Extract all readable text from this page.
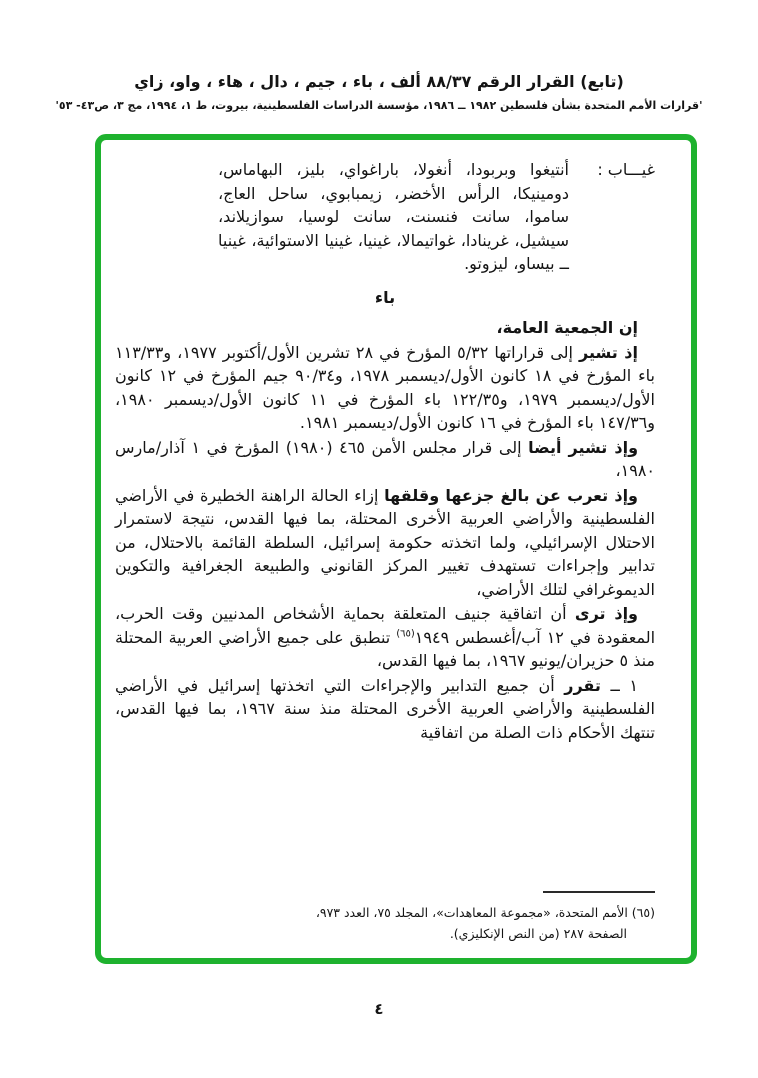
(تابع) القرار الرقم ٨٨/٣٧ ألف ، باء ، جيم ، دال ، هاء ، واو، زاي
'قرارات الأمم المتحدة بشأن فلسطين ١٩٨٢ ــ ١٩٨٦، مؤسسة الدراسات الفلسطينية، بيروت، ط ١، ١٩٩٤، مج ٣، ص٤٣- ٥٣'
غيـــاب :
أنتيغوا وبربودا، أنغولا، باراغواي، بليز، البهاماس، دومينيكا، الرأس الأخضر، زيمبابوي، ساحل العاج، ساموا، سانت فنسنت، سانت لوسيا، سوازيلاند، سيشيل، غرينادا، غواتيمالا، غينيا، غينيا الاستوائية، غينيا ــ بيساو، ليزوتو.
باء

إن الجمعية العامة،

إذ تشير إلى قراراتها ٥/٣٢ المؤرخ في ٢٨ تشرين الأول/أكتوبر ١٩٧٧، و١١٣/٣٣ باء المؤرخ في ١٨ كانون الأول/ديسمبر ١٩٧٨، و٩٠/٣٤ جيم المؤرخ في ١٢ كانون الأول/ديسمبر ١٩٧٩، و١٢٢/٣٥ باء المؤرخ في ١١ كانون الأول/ديسمبر ١٩٨٠، و١٤٧/٣٦ باء المؤرخ في ١٦ كانون الأول/ديسمبر ١٩٨١.

وإذ تشير أيضا إلى قرار مجلس الأمن ٤٦٥ (١٩٨٠) المؤرخ في ١ آذار/مارس ١٩٨٠،

وإذ تعرب عن بالغ جزعها وقلقها إزاء الحالة الراهنة الخطيرة في الأراضي الفلسطينية والأراضي العربية الأخرى المحتلة، بما فيها القدس، نتيجة لاستمرار الاحتلال الإسرائيلي، ولما اتخذته حكومة إسرائيل، السلطة القائمة بالاحتلال، من تدابير وإجراءات تستهدف تغيير المركز القانوني والطبيعة الجغرافية والتكوين الديموغرافي لتلك الأراضي،

وإذ ترى أن اتفاقية جنيف المتعلقة بحماية الأشخاص المدنيين وقت الحرب، المعقودة في ١٢ آب/أغسطس ١٩٤٩$^{(٦٥)}$ تنطبق على جميع الأراضي العربية المحتلة منذ ٥ حزيران/يونيو ١٩٦٧، بما فيها القدس،

١ ــ تقرر أن جميع التدابير والإجراءات التي اتخذتها إسرائيل في الأراضي الفلسطينية والأراضي العربية الأخرى المحتلة منذ سنة ١٩٦٧، بما فيها القدس، تنتهك الأحكام ذات الصلة من اتفاقية

(٦٥) الأمم المتحدة، «مجموعة المعاهدات»، المجلد ٧٥، العدد ٩٧٣،
الصفحة ٢٨٧ (من النص الإنكليزي).
٤
